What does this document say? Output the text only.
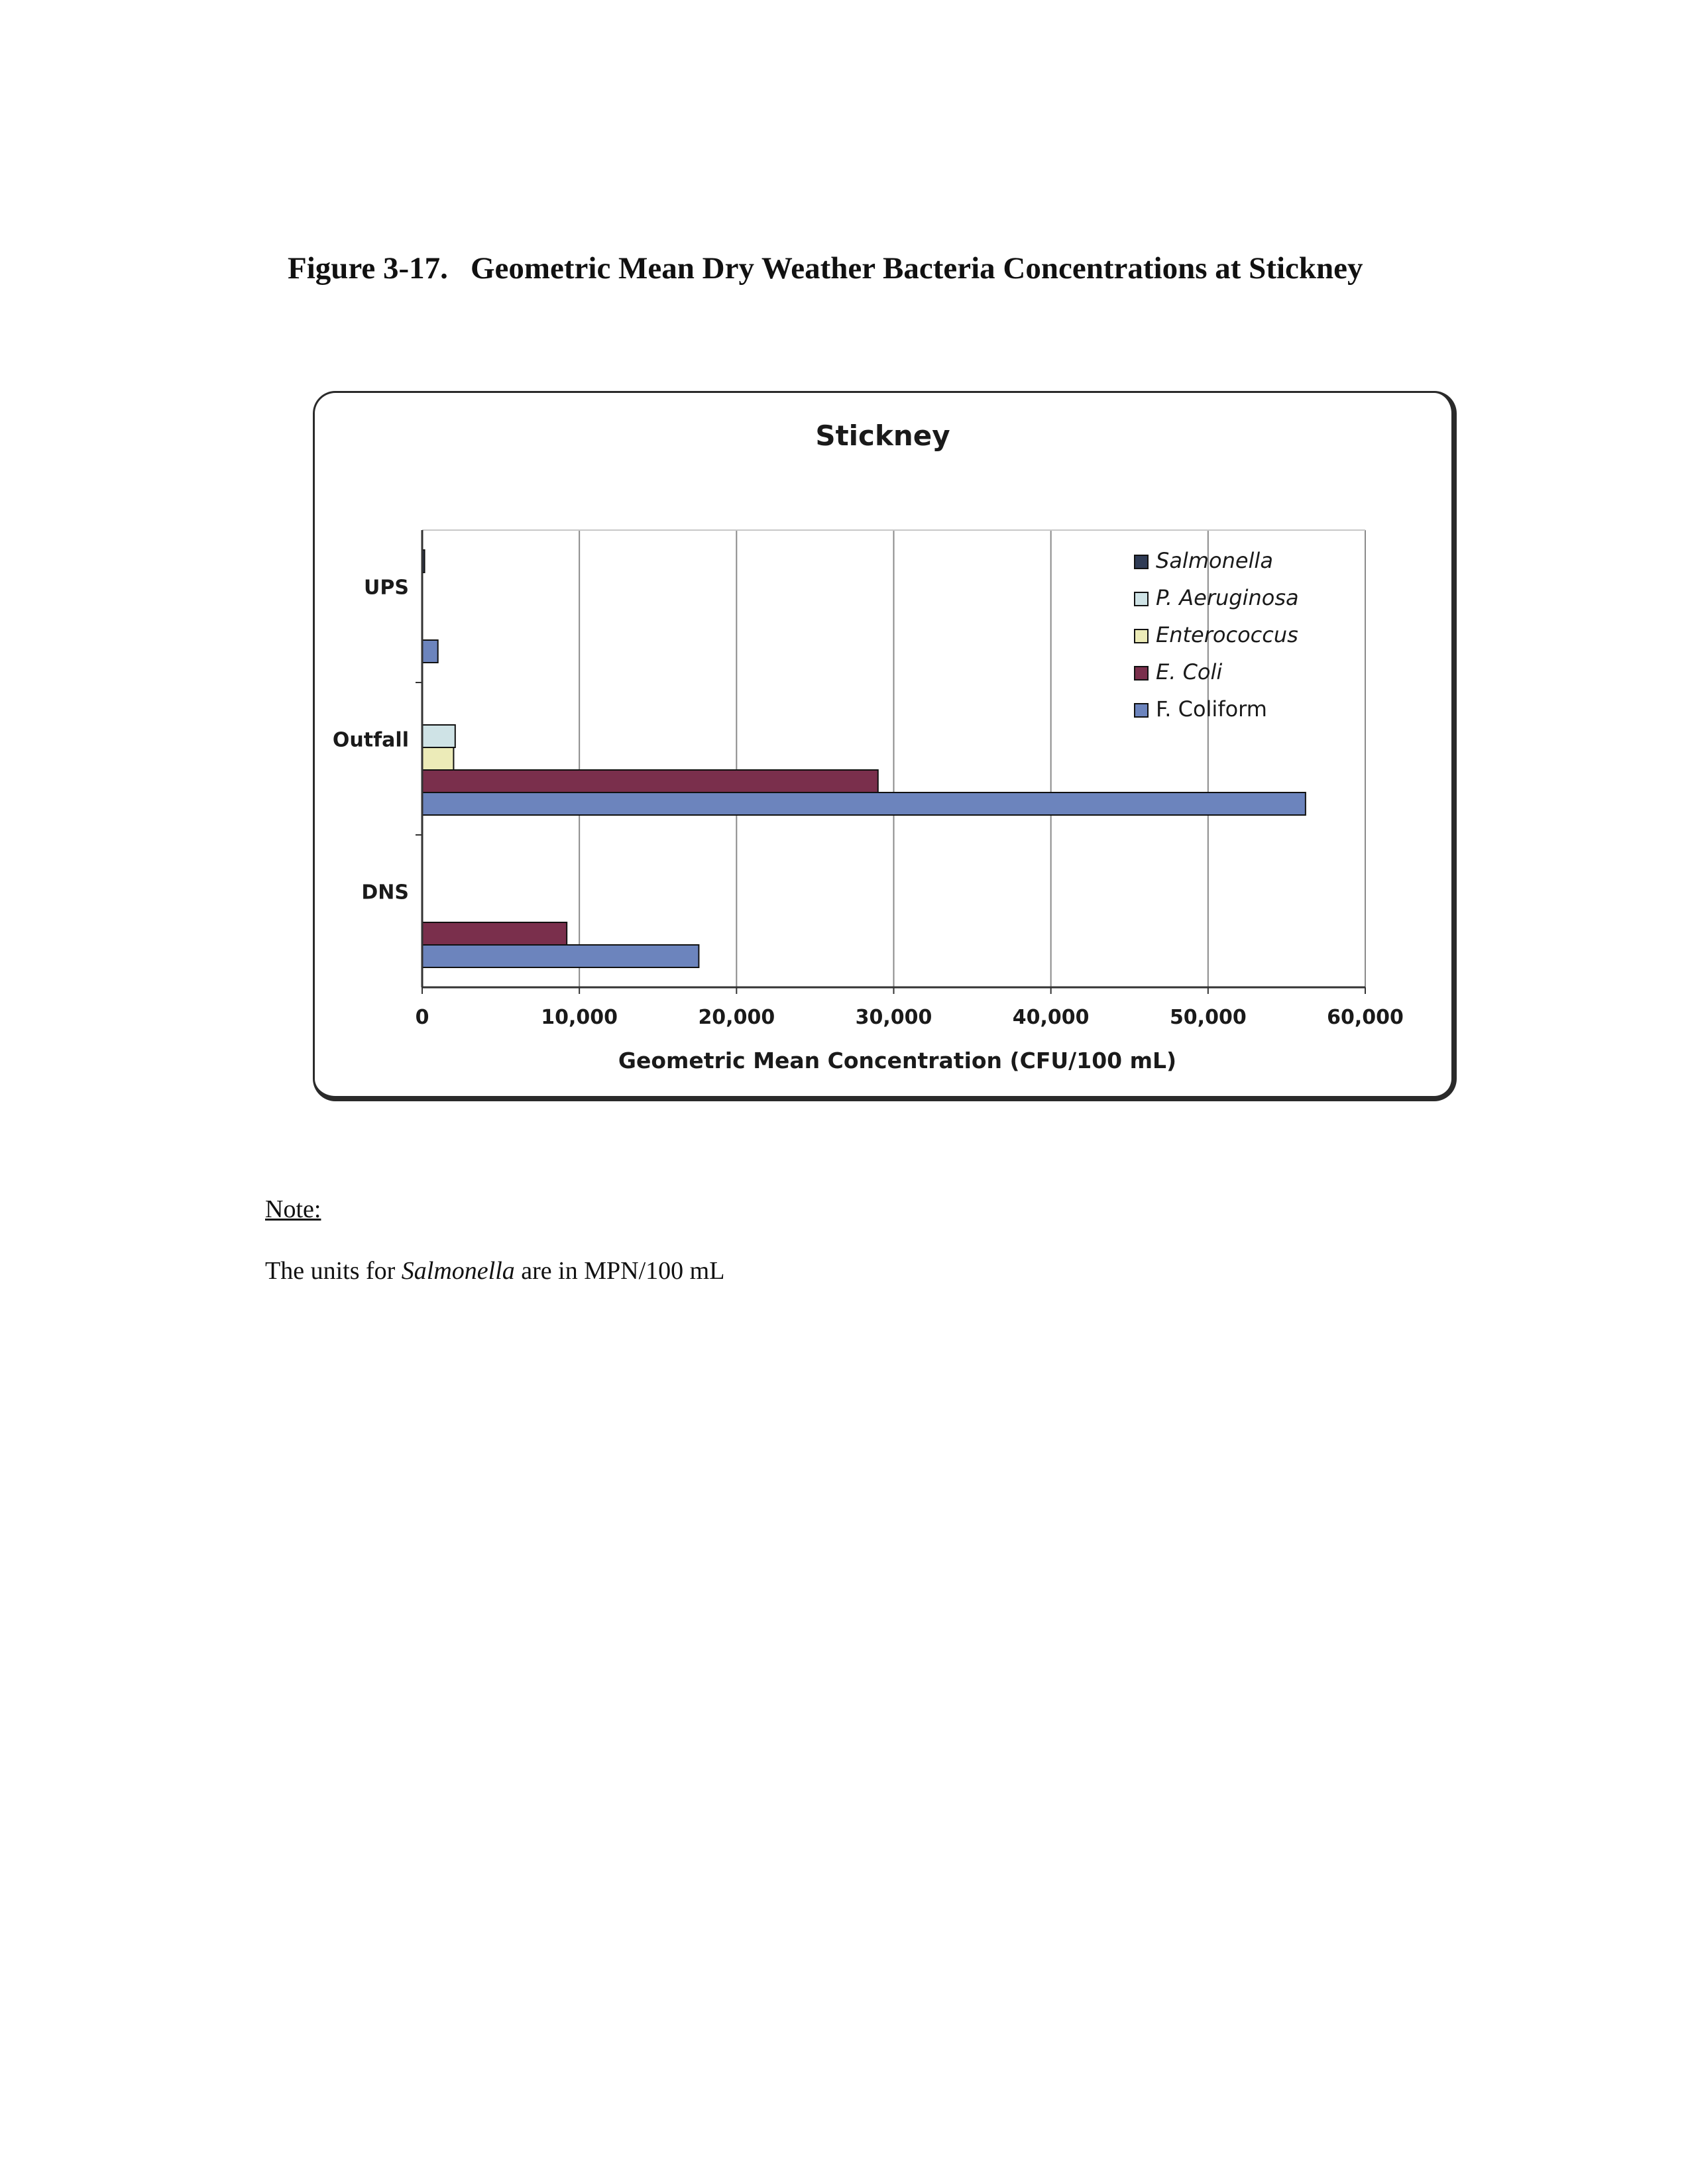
Figure 3-17. Geometric Mean Dry Weather Bacteria Concentrations at Stickney
Stickney
0	10,000	20,000	30,000	40,000	50,000	60,000
UPS
Outfall
DNS
Salmonella
P. Aeruginosa
Enterococcus
E. Coli
F. Coliform
Geometric Mean Concentration (CFU/100 mL)
Note:
The units for Salmonella are in MPN/100 mL
